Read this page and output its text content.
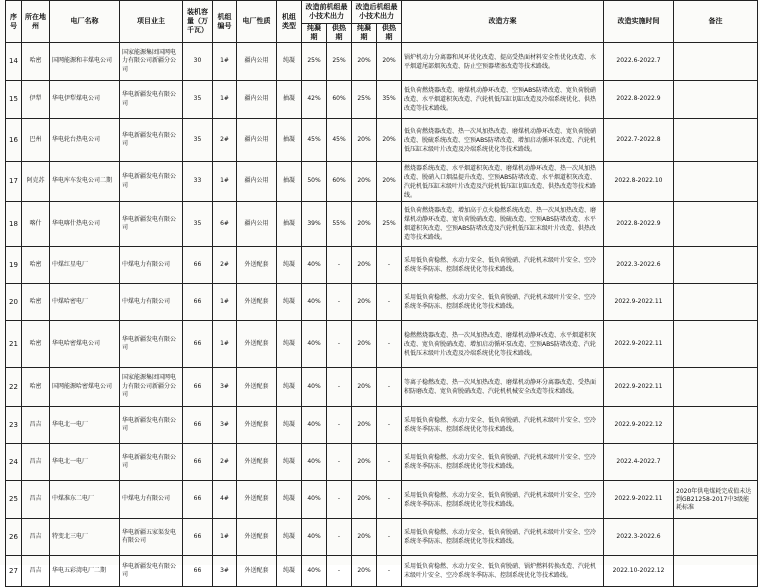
序号	所在地州	电厂名称	项目业主	装机容量（万千瓦）	机组编号	电厂性质	机组类型	改造前机组最小技术出力		改造后机组最小技术出力		改造方案	改造实施时间	备注
								纯凝期	供热期	纯凝期	供热期			
14	哈密	国网能源和丰煤电公司	国家能源集团国网电力有限公司新疆分公司	30	1#	疆内公用	纯凝	25%	25%	20%	20%	锅炉机动力分离器和风环优化改造、提高受热面材料安全性优化改造、水平烟道尾部烟灰改造、防止空预器堵塞改造等技术路线。	2022.6-2022.7	
15	伊犁	华电伊犁煤电公司	华电新疆发电有限公司	35	1#	疆内公用	抽凝	42%	60%	25%	35%	低负荷燃烧器改造、磨煤机动静环改造、空预ABS防堵改造、宽负荷脱硝改造、水平烟道积灰改造、汽轮机低压缸切缸改造及冷端系统优化、供热改造等技术路线。	2022.8-2022.9	
16	巴州	华电轮台热电公司	华电新疆发电有限公司	35	2#	疆内公用	抽凝	45%	45%	20%	20%	低负荷燃烧器改造、热一次风加热改造、磨煤机动静环改造、宽负荷脱硝改造、脱硫系统改造、空预ABS防堵改造、增加启动循环泵改造、汽轮机低压缸末级叶片改造及冷端系统优化等技术路线。	2022.7-2022.8	
17	阿克苏	华电库车发电公司二期	华电新疆发电有限公司	33	1#	疆内公用	抽凝	50%	60%	20%	20%	燃烧器系统改造、水平烟道积灰改造、磨煤机动静环改造、热一次风加热改造、脱硝入口烟温提升改造、空预ABS防堵改造、水平烟道积灰改造、汽轮机低压缸末级叶片改造及汽轮机低压缸切缸改造、供热改造等技术路线。	2022.8-2022.10	
18	喀什	华电喀什热电公司	华电新疆发电有限公司	35	6#	疆内公用	抽凝	39%	55%	20%	25%	低负荷燃烧器改造、增加高于点火稳燃系统改造、热一次风加热改造、磨煤机动静环改造、宽负荷脱硝改造、脱硫改造、空预ABS防堵改造、水平烟道积灰改造、空预ABS防堵改造及汽轮机低压缸末级叶片改造、供热改造等技术路线。	2022.8-2022.9	
19	哈密	中煤红星电厂	中煤电力有限公司	66	2#	外送配套	纯凝	40%	-	20%	-	采用低负荷稳燃、水动力安全、低负荷脱硝、汽轮机末级叶片安全、空冷系统冬季防冻、控制系统优化等技术路线。	2022.3-2022.6	
20	哈密	中煤哈密电厂	中煤电力有限公司	66	1#	外送配套	纯凝	40%	-	20%	-	采用低负荷稳燃、水动力安全、低负荷脱硝、汽轮机末级叶片安全、空冷系统冬季防冻、控制系统优化等技术路线。	2022.9-2022.11	
21	哈密	华电哈密煤电公司	华电新疆发电有限公司	66	1#	外送配套	纯凝	40%	-	20%	-	稳燃燃烧器改造、热一次风加热改造、磨煤机动静环改造、水平烟道积灰改造、宽负荷脱硝改造、增加启动循环泵改造、空预ABS防堵改造、汽轮机低压末级叶片改造及冷端系统优化等技术路线。	2022.9-2022.11	
22	哈密	国网能源哈密煤电公司	国家能源集团国网电力有限公司新疆分公司	66	3#	外送配套	纯凝	40%	-	20%	-	等离子稳燃改造、热一次风加热改造、磨煤机动静环分离器改造、受热面积防磨改造、宽负荷脱硝改造、汽轮机机械安全改造等技术路线。	2022.9-2022.11	
23	昌吉	华电北一电厂	华电新疆发电有限公司	66	3#	外送配套	纯凝	40%	-	20%	-	采用低负荷稳燃、水动力安全、低负荷脱硝、汽轮机末级叶片安全、空冷系统冬季防冻、控制系统优化等技术路线。	2022.9-2022.12	
24	昌吉	华电北一电厂	华电新疆发电有限公司	66	2#	外送配套	纯凝	40%	-	20%	-	采用低负荷稳燃、水动力安全、低负荷脱硝、汽轮机末级叶片安全、空冷系统冬季防冻、控制系统优化等技术路线。	2022.4-2022.7	
25	昌吉	中煤准东二电厂	中煤电力有限公司	66	4#	外送配套	纯凝	40%	-	20%	-	采用低负荷稳燃、水动力安全、低负荷脱硝、汽轮机末级叶片安全、空冷系统冬季防冻、控制系统优化等技术路线。	2022.9-2022.11	2020年供电煤耗完成值未达到GB21258-2017中3级能耗标准
26	昌吉	特变北三电厂	华电新疆五家渠发电有限公司	66	1#	外送配套	纯凝	40%	-	20%	-	采用低负荷稳燃、水动力安全、低负荷脱硝、汽轮机末级叶片安全、空冷系统冬季防冻、控制系统优化等技术路线。	2022.3-2022.6	
27	昌吉	华电五彩湾电厂二期	华电新疆发电有限公司	66	3#	外送配套	纯凝	40%	-	20%	-	采用低负荷稳燃、水动力安全、低负荷脱硝、锅炉燃料转换改造、汽轮机末级叶片安全、空冷系统冬季防冻、控制系统优化等技术路线。	2022.10-2022.12	
